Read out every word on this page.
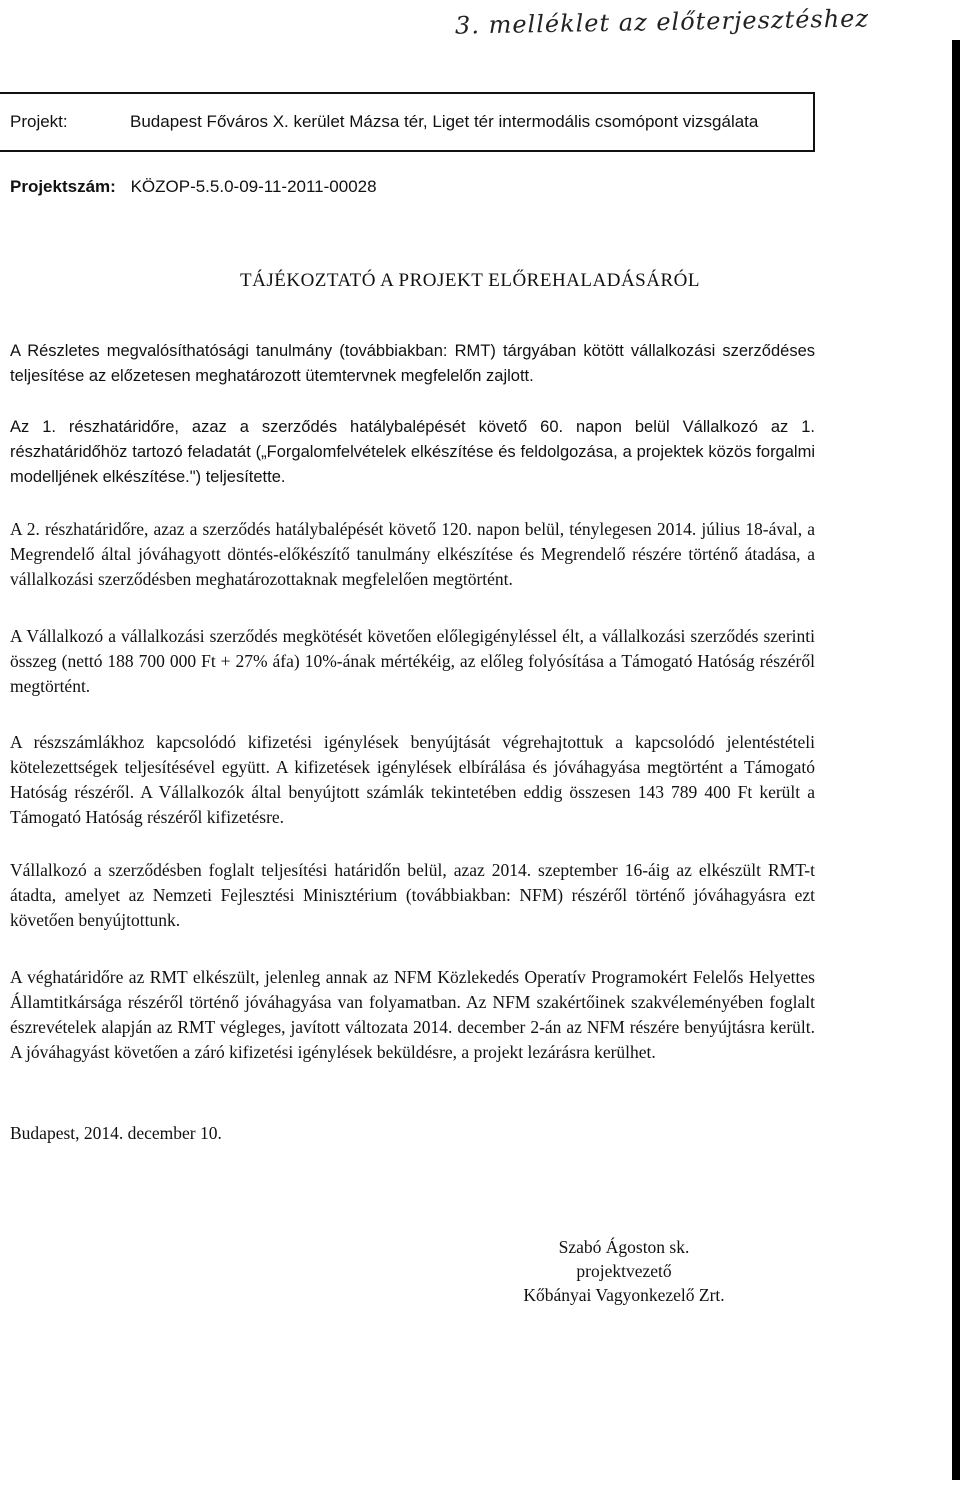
3. melléklet az előterjesztéshez
Projekt:	Budapest Főváros X. kerület Mázsa tér, Liget tér intermodális csomópont vizsgálata
Projektszám: KÖZOP-5.5.0-09-11-2011-00028
TÁJÉKOZTATÓ A PROJEKT ELŐREHALADÁSÁRÓL

A Részletes megvalósíthatósági tanulmány (továbbiakban: RMT) tárgyában kötött vállalkozási szerződéses teljesítése az előzetesen meghatározott ütemtervnek megfelelőn zajlott.

Az 1. részhatáridőre, azaz a szerződés hatálybalépését követő 60. napon belül Vállalkozó az 1. részhatáridőhöz tartozó feladatát („Forgalomfelvételek elkészítése és feldolgozása, a projektek közös forgalmi modelljének elkészítése.") teljesítette.

A 2. részhatáridőre, azaz a szerződés hatálybalépését követő 120. napon belül, ténylegesen 2014. július 18-ával, a Megrendelő által jóváhagyott döntés-előkészítő tanulmány elkészítése és Megrendelő részére történő átadása, a vállalkozási szerződésben meghatározottaknak megfelelően megtörtént.

A Vállalkozó a vállalkozási szerződés megkötését követően előlegigényléssel élt, a vállalkozási szerződés szerinti összeg (nettó 188 700 000 Ft + 27% áfa) 10%-ának mértékéig, az előleg folyósítása a Támogató Hatóság részéről megtörtént.

A részszámlákhoz kapcsolódó kifizetési igénylések benyújtását végrehajtottuk a kapcsolódó jelentéstételi kötelezettségek teljesítésével együtt. A kifizetések igénylések elbírálása és jóváhagyása megtörtént a Támogató Hatóság részéről. A Vállalkozók által benyújtott számlák tekintetében eddig összesen 143 789 400 Ft került a Támogató Hatóság részéről kifizetésre.

Vállalkozó a szerződésben foglalt teljesítési határidőn belül, azaz 2014. szeptember 16-áig az elkészült RMT-t átadta, amelyet az Nemzeti Fejlesztési Minisztérium (továbbiakban: NFM) részéről történő jóváhagyásra ezt követően benyújtottunk.

A véghatáridőre az RMT elkészült, jelenleg annak az NFM Közlekedés Operatív Programokért Felelős Helyettes Államtitkársága részéről történő jóváhagyása van folyamatban. Az NFM szakértőinek szakvéleményében foglalt észrevételek alapján az RMT végleges, javított változata 2014. december 2-án az NFM részére benyújtásra került. A jóváhagyást követően a záró kifizetési igénylések beküldésre, a projekt lezárásra kerülhet.

Budapest, 2014. december 10.
Szabó Ágoston sk.
projektvezető
Kőbányai Vagyonkezelő Zrt.
